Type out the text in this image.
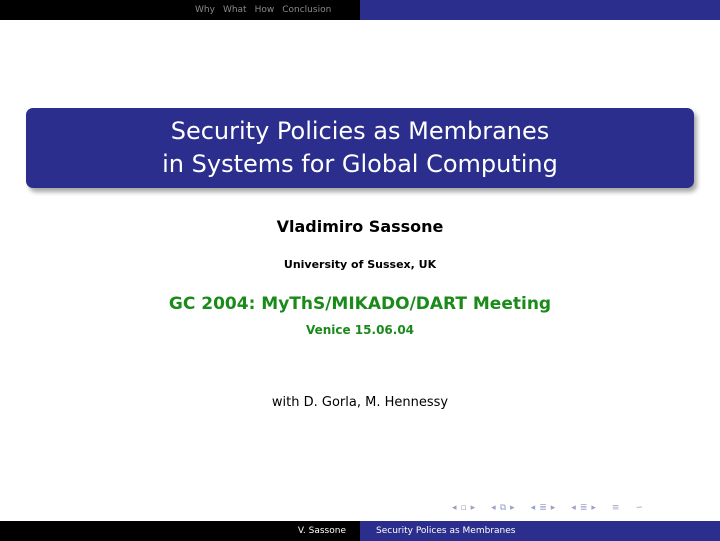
Why What How Conclusion
Security Policies as Membranes
in Systems for Global Computing
Vladimiro Sassone
University of Sussex, UK
GC 2004: MyThS/MIKADO/DART Meeting
Venice 15.06.04
with D. Gorla, M. Hennessy
◂ ▫ ▸ ◂ ⧉ ▸ ◂ ≣ ▸ ◂ ≣ ▸ ≡ ∽
V. Sassone	Security Polices as Membranes
